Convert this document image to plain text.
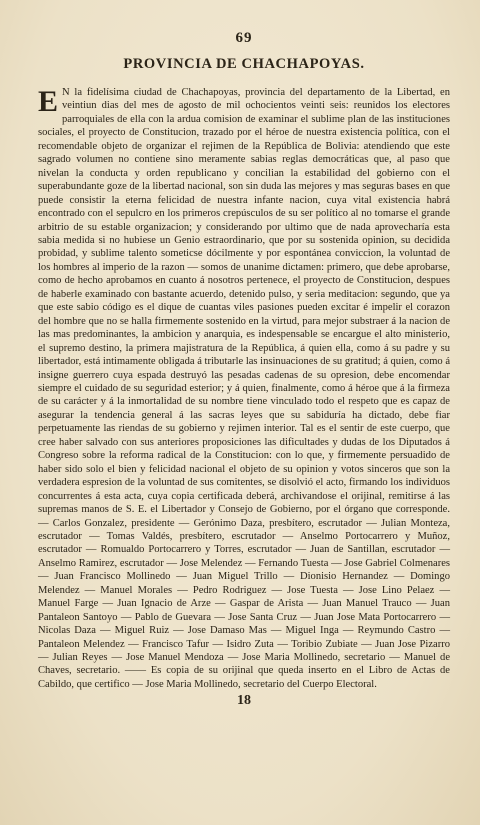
69
PROVINCIA DE CHACHAPOYAS.

E N la fidelísima ciudad de Chachapoyas, provincia del departamento de la Libertad, en veintiun dias del mes de agosto de mil ochocientos veinti seis: reunidos los electores parroquiales de ella con la ardua comision de examinar el sublime plan de las instituciones sociales, el proyecto de Constitucion, trazado por el héroe de nuestra existencia política, con el recomendable objeto de organizar el rejimen de la República de Bolivia: atendiendo que este sagrado volumen no contiene sino meramente sabias reglas democráticas que, al paso que nivelan la conducta y orden republicano y concilian la estabilidad del gobierno con el superabundante goze de la libertad nacional, son sin duda las mejores y mas seguras bases en que puede consistir la eterna felicidad de nuestra infante nacion, cuya vital existencia habrá encontrado con el sepulcro en los primeros crepúsculos de su ser político al no tomarse el grande arbitrio de su estable organizacion; y considerando por ultimo que de nada aprovecharía esta sabia medida si no hubiese un Genio estraordinario, que por su sostenida opinion, su decidida probidad, y sublime talento someticse dócilmente y por espontánea conviccion, la voluntad de los hombres al imperio de la razon — somos de unanime dictamen: primero, que debe aprobarse, como de hecho aprobamos en cuanto á nosotros pertenece, el proyecto de Constitucion, despues de haberle examinado con bastante acuerdo, detenido pulso, y seria meditacion: segundo, que ya que este sabio código es el dique de cuantas viles pasiones pueden excitar é impelir el corazon del hombre que no se halla firmemente sostenido en la virtud, para mejor substraer á la nacion de las mas predominantes, la ambicion y anarquia, es indespensable se encargue el alto ministerio, el supremo destino, la primera majistratura de la República, á quien ella, como á su padre y su libertador, está intimamente obligada á tributarle las insinuaciones de su gratitud; á quien, como á insigne guerrero cuya espada destruyó las pesadas cadenas de su opresion, debe encomendar siempre el cuidado de su seguridad esterior; y á quien, finalmente, como á héroe que á la firmeza de su carácter y á la inmortalidad de su nombre tiene vinculado todo el respeto que es capaz de asegurar la tendencia general á las sacras leyes que su sabiduría ha dictado, debe fiar perpetuamente las riendas de su gobierno y rejimen interior. Tal es el sentir de este cuerpo, que cree haber salvado con sus anteriores proposiciones las dificultades y dudas de los Diputados á Congreso sobre la reforma radical de la Constitucion: con lo que, y firmemente persuadido de haber sido solo el bien y felicidad nacional el objeto de su opinion y votos sinceros que son la verdadera espresion de la voluntad de sus comitentes, se disolvió el acto, firmando los individuos concurrentes á esta acta, cuya copia certificada deberá, archivandose el orijinal, remitirse á las supremas manos de S. E. el Libertador y Consejo de Gobierno, por el órgano que corresponde. — Carlos Gonzalez, presidente — Gerónimo Daza, presbítero, escrutador — Julian Monteza, escrutador — Tomas Valdés, presbítero, escrutador — Anselmo Portocarrero y Muñoz, escrutador — Romualdo Portocarrero y Torres, escrutador — Juan de Santillan, escrutador — Anselmo Ramirez, escrutador — Jose Melendez — Fernando Tuesta — Jose Gabriel Colmenares — Juan Francisco Mollinedo — Juan Miguel Trillo — Dionisio Hernandez — Domingo Melendez — Manuel Morales — Pedro Rodriguez — Jose Tuesta — Jose Lino Pelaez — Manuel Farge — Juan Ignacio de Arze — Gaspar de Arista — Juan Manuel Trauco — Juan Pantaleon Santoyo — Pablo de Guevara — Jose Santa Cruz — Juan Jose Mata Portocarrero — Nicolas Daza — Miguel Ruiz — Jose Damaso Mas — Miguel Inga — Reymundo Castro — Pantaleon Melendez — Francisco Tafur — Isidro Zuta — Toribio Zubiate — Juan Jose Pizarro — Julian Reyes — Jose Manuel Mendoza — Jose Maria Mollinedo, secretario — Manuel de Chaves, secretario. —— Es copia de su orijinal que queda inserto en el Libro de Actas de Cabildo, que certifico — Jose Maria Mollinedo, secretario del Cuerpo Electoral.

18
